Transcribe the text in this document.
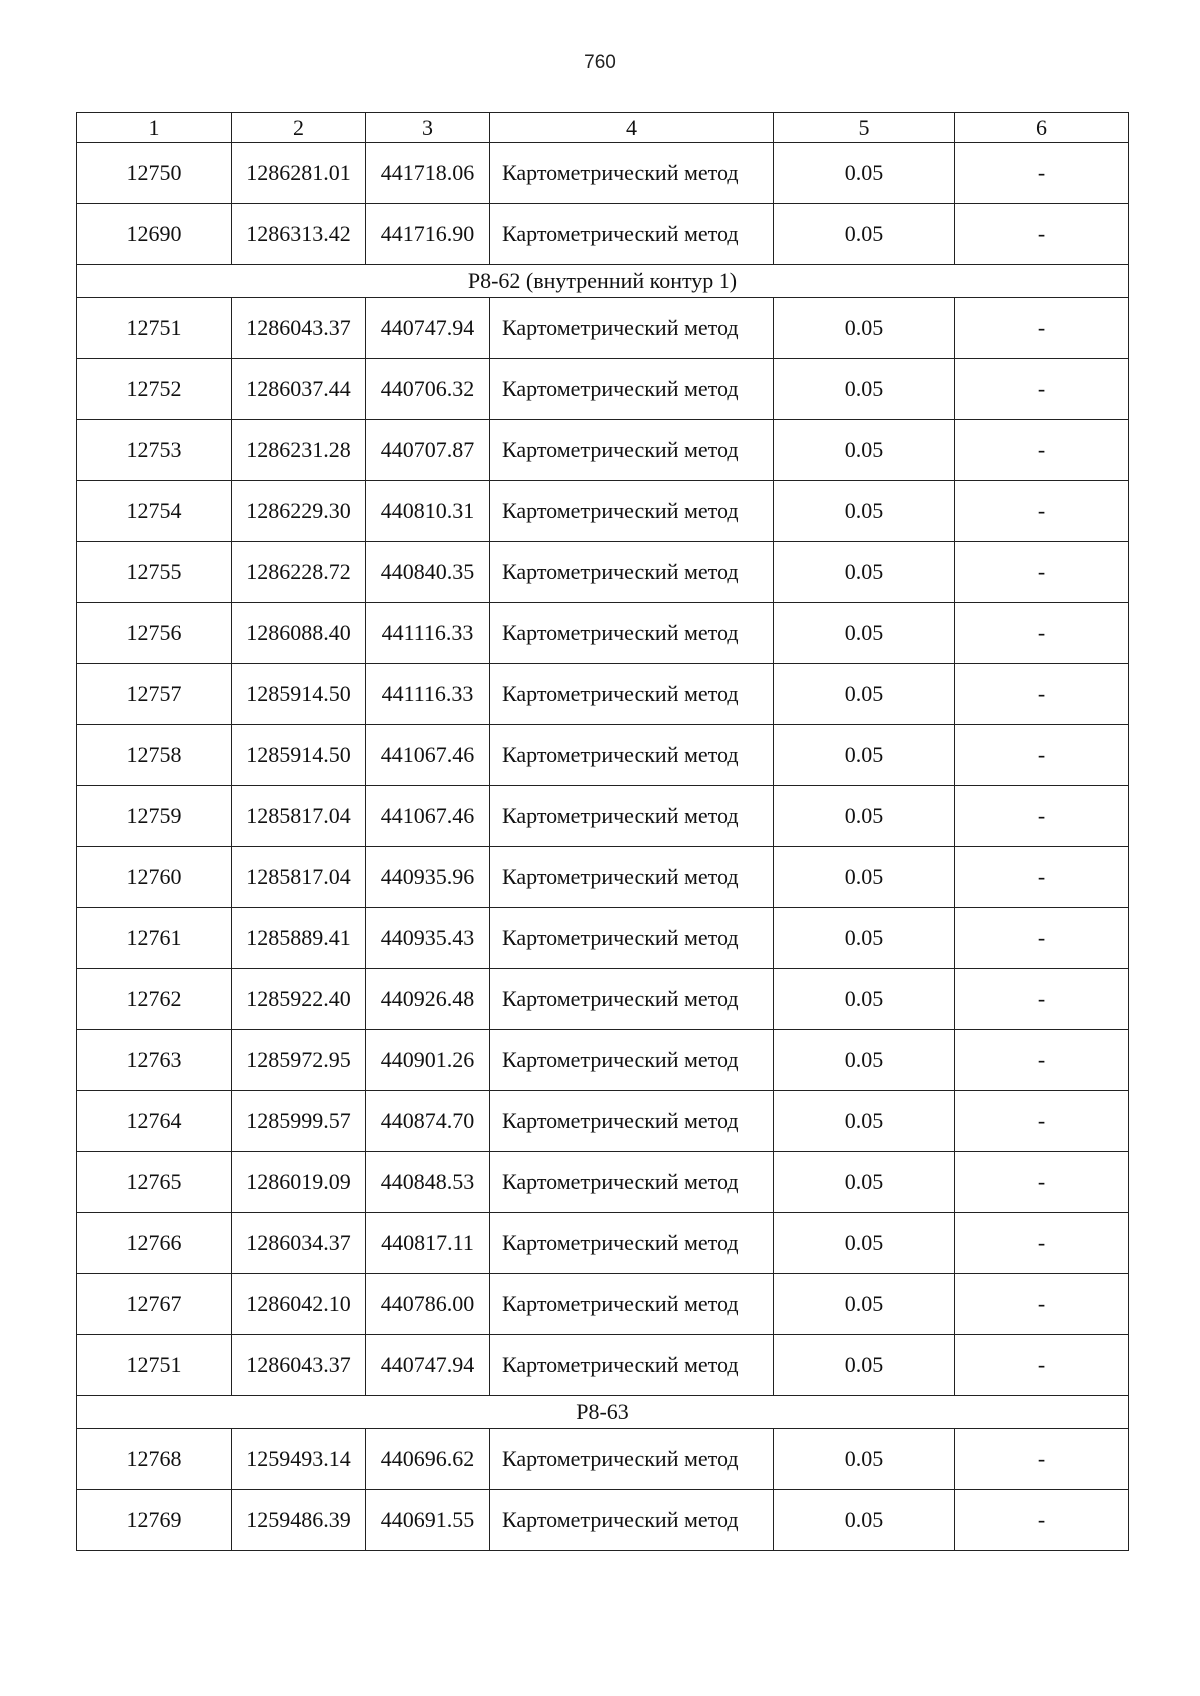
760
1	2	3	4	5	6
12750	1286281.01	441718.06	Картометрический метод	0.05	-
12690	1286313.42	441716.90	Картометрический метод	0.05	-
Р8-62 (внутренний контур 1)					
12751	1286043.37	440747.94	Картометрический метод	0.05	-
12752	1286037.44	440706.32	Картометрический метод	0.05	-
12753	1286231.28	440707.87	Картометрический метод	0.05	-
12754	1286229.30	440810.31	Картометрический метод	0.05	-
12755	1286228.72	440840.35	Картометрический метод	0.05	-
12756	1286088.40	441116.33	Картометрический метод	0.05	-
12757	1285914.50	441116.33	Картометрический метод	0.05	-
12758	1285914.50	441067.46	Картометрический метод	0.05	-
12759	1285817.04	441067.46	Картометрический метод	0.05	-
12760	1285817.04	440935.96	Картометрический метод	0.05	-
12761	1285889.41	440935.43	Картометрический метод	0.05	-
12762	1285922.40	440926.48	Картометрический метод	0.05	-
12763	1285972.95	440901.26	Картометрический метод	0.05	-
12764	1285999.57	440874.70	Картометрический метод	0.05	-
12765	1286019.09	440848.53	Картометрический метод	0.05	-
12766	1286034.37	440817.11	Картометрический метод	0.05	-
12767	1286042.10	440786.00	Картометрический метод	0.05	-
12751	1286043.37	440747.94	Картометрический метод	0.05	-
Р8-63					
12768	1259493.14	440696.62	Картометрический метод	0.05	-
12769	1259486.39	440691.55	Картометрический метод	0.05	-
